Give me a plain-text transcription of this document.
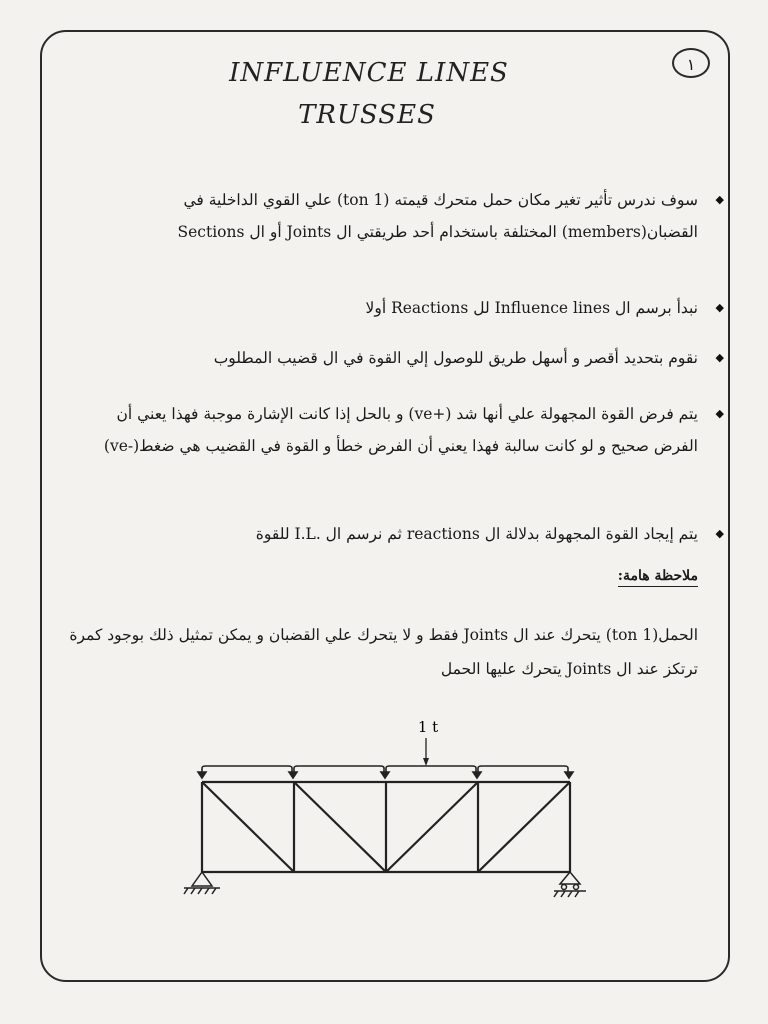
١
INFLUENCE LINES
TRUSSES
◆ سوف ندرس تأثير تغير مكان حمل متحرك قيمته (1 ton) علي القوي الداخلية في القضبان(members) المختلفة باستخدام أحد طريقتي ال Joints أو ال Sections
◆ نبدأ برسم ال Influence lines لل Reactions أولا
◆ نقوم بتحديد أقصر و أسهل طريق للوصول إلي القوة في ال قضيب المطلوب
◆ يتم فرض القوة المجهولة علي أنها شد (+ve) و بالحل إذا كانت الإشارة موجبة فهذا يعني أن الفرض صحيح و لو كانت سالبة فهذا يعني أن الفرض خطأ و القوة في القضيب هي ضغط(-ve)
◆ يتم إيجاد القوة المجهولة بدلالة ال reactions ثم نرسم ال .I.L للقوة
ملاحظة هامة:
الحمل(1 ton) يتحرك عند ال Joints فقط و لا يتحرك علي القضبان و يمكن تمثيل ذلك بوجود كمرة ترتكز عند ال Joints يتحرك عليها الحمل
1 t
